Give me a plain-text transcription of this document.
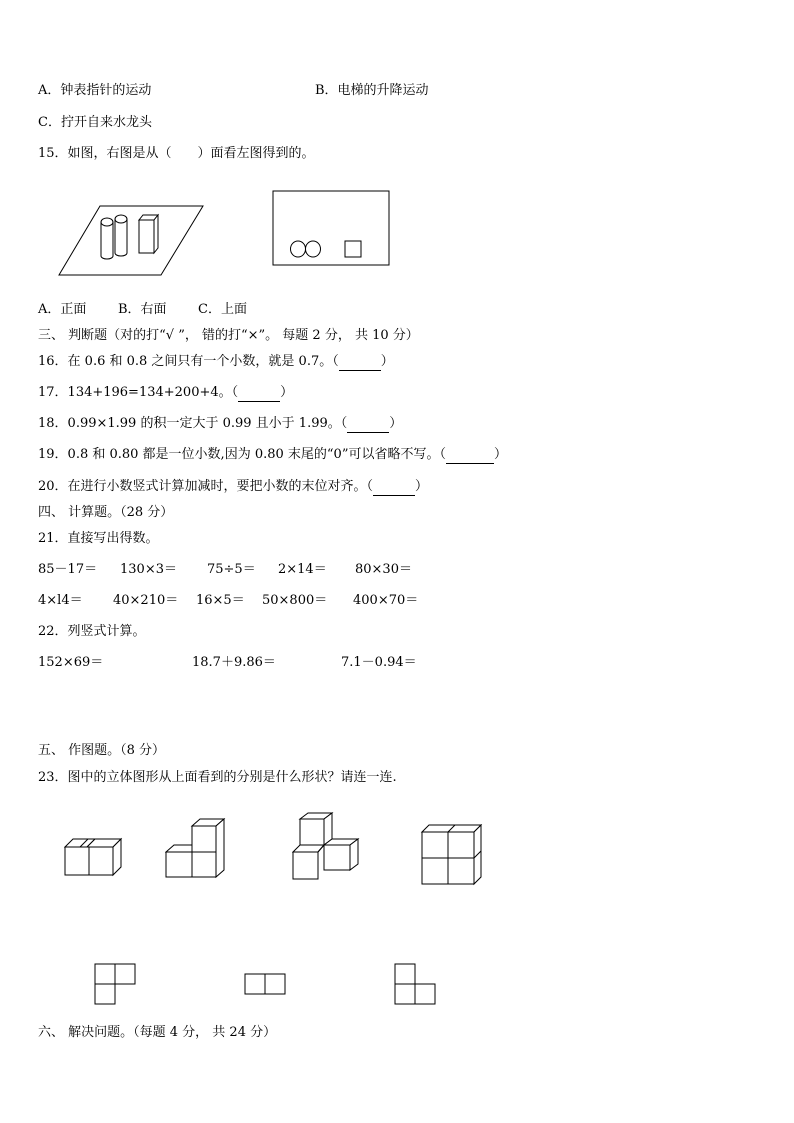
A．钟表指针的运动	B．电梯的升降运动
C．拧开自来水龙头
15．如图，右图是从（　　）面看左图得到的。
A．正面 B．右面 C．上面
三、 判断题（对的打“√ ”， 错的打“×”。 每题 2 分， 共 10 分）
16．在 0.6 和 0.8 之间只有一个小数，就是 0.7。（	）
17．134+196=134+200+4。（	）
18．0.99×1.99 的积一定大于 0.99 且小于 1.99。（	）
19．0.8 和 0.80 都是一位小数,因为 0.80 末尾的“0”可以省略不写。（	）
20．在进行小数竖式计算加减时，要把小数的末位对齐。（	）
四、 计算题。（28 分）
21．直接写出得数。
85－17＝ 130×3＝ 75÷5＝ 2×14＝ 80×30＝
4×l4＝ 40×210＝ 16×5＝ 50×800＝ 400×70＝
22．列竖式计算。
152×69＝	18.7＋9.86＝	7.1－0.94＝
五、 作图题。（8 分）
23．图中的立体图形从上面看到的分别是什么形状？请连一连.
六、 解决问题。（每题 4 分， 共 24 分）
